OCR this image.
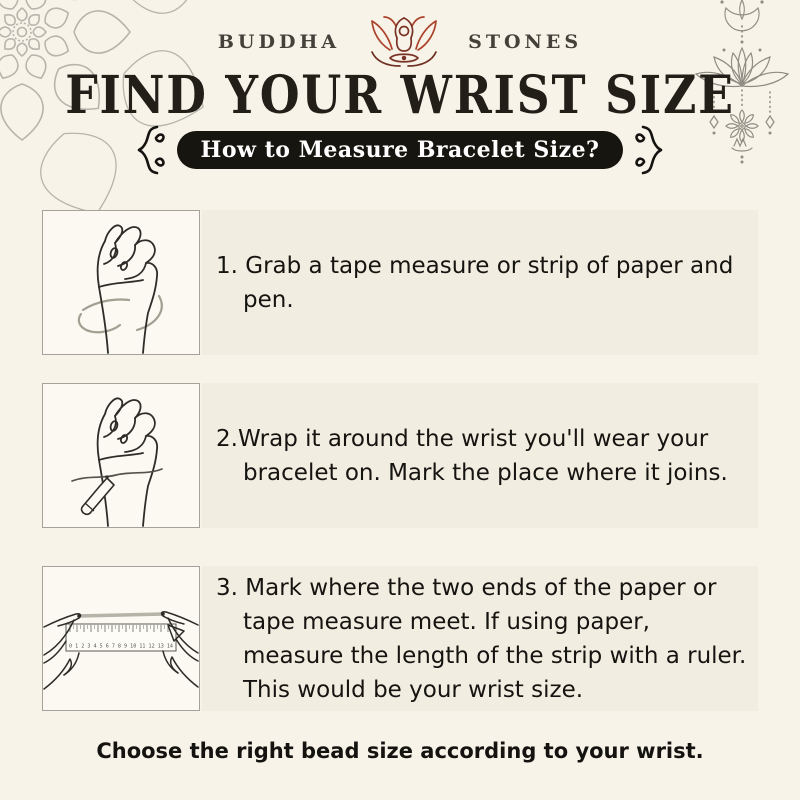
BUDDHA	STONES
FIND YOUR WRIST SIZE
How to Measure Bracelet Size?

1. Grab a tape measure or strip of paper and pen.

2.Wrap it around the wrist you'll wear your bracelet on. Mark the place where it joins.

0 1 2 3 4 5 6 7 8 9 10 11 12 13 14

3. Mark where the two ends of the paper or tape measure meet. If using paper, measure the length of the strip with a ruler. This would be your wrist size.

Choose the right bead size according to your wrist.
